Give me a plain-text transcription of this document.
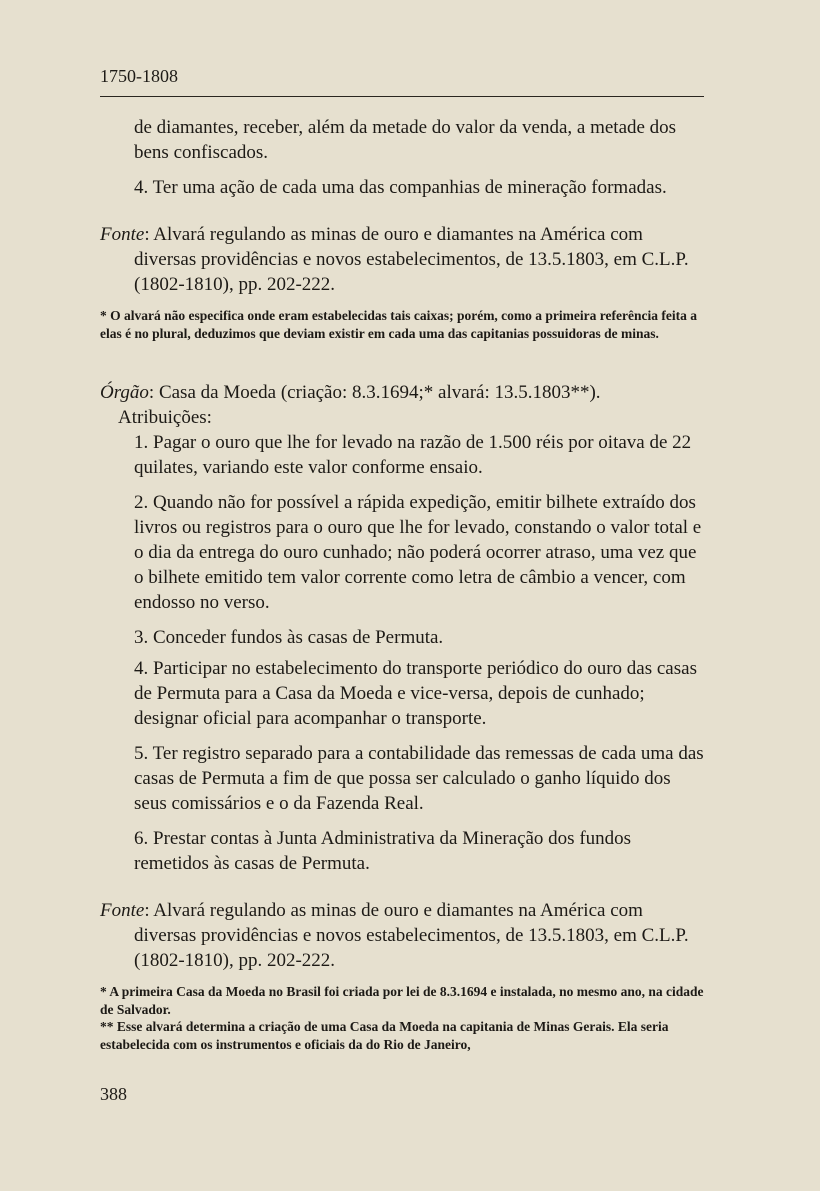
1750-1808

de diamantes, receber, além da metade do valor da venda, a metade dos bens confiscados.

4. Ter uma ação de cada uma das companhias de mineração formadas.

Fonte: Alvará regulando as minas de ouro e diamantes na América com diversas providências e novos estabelecimentos, de 13.5.1803, em C.L.P. (1802-1810), pp. 202-222.

* O alvará não especifica onde eram estabelecidas tais caixas; porém, como a primeira referência feita a elas é no plural, deduzimos que deviam existir em cada uma das capitanias possuidoras de minas.

Órgão: Casa da Moeda (criação: 8.3.1694;* alvará: 13.5.1803**).

Atribuições:

1. Pagar o ouro que lhe for levado na razão de 1.500 réis por oitava de 22 quilates, variando este valor conforme ensaio.

2. Quando não for possível a rápida expedição, emitir bilhete extraído dos livros ou registros para o ouro que lhe for levado, constando o valor total e o dia da entrega do ouro cunhado; não poderá ocorrer atraso, uma vez que o bilhete emitido tem valor corrente como letra de câmbio a vencer, com endosso no verso.

3. Conceder fundos às casas de Permuta.

4. Participar no estabelecimento do transporte periódico do ouro das casas de Permuta para a Casa da Moeda e vice-versa, depois de cunhado; designar oficial para acompanhar o transporte.

5. Ter registro separado para a contabilidade das remessas de cada uma das casas de Permuta a fim de que possa ser calculado o ganho líquido dos seus comissários e o da Fazenda Real.

6. Prestar contas à Junta Administrativa da Mineração dos fundos remetidos às casas de Permuta.

Fonte: Alvará regulando as minas de ouro e diamantes na América com diversas providências e novos estabelecimentos, de 13.5.1803, em C.L.P. (1802-1810), pp. 202-222.

* A primeira Casa da Moeda no Brasil foi criada por lei de 8.3.1694 e instalada, no mesmo ano, na cidade de Salvador.

** Esse alvará determina a criação de uma Casa da Moeda na capitania de Minas Gerais. Ela seria estabelecida com os instrumentos e oficiais da do Rio de Janeiro,

388
